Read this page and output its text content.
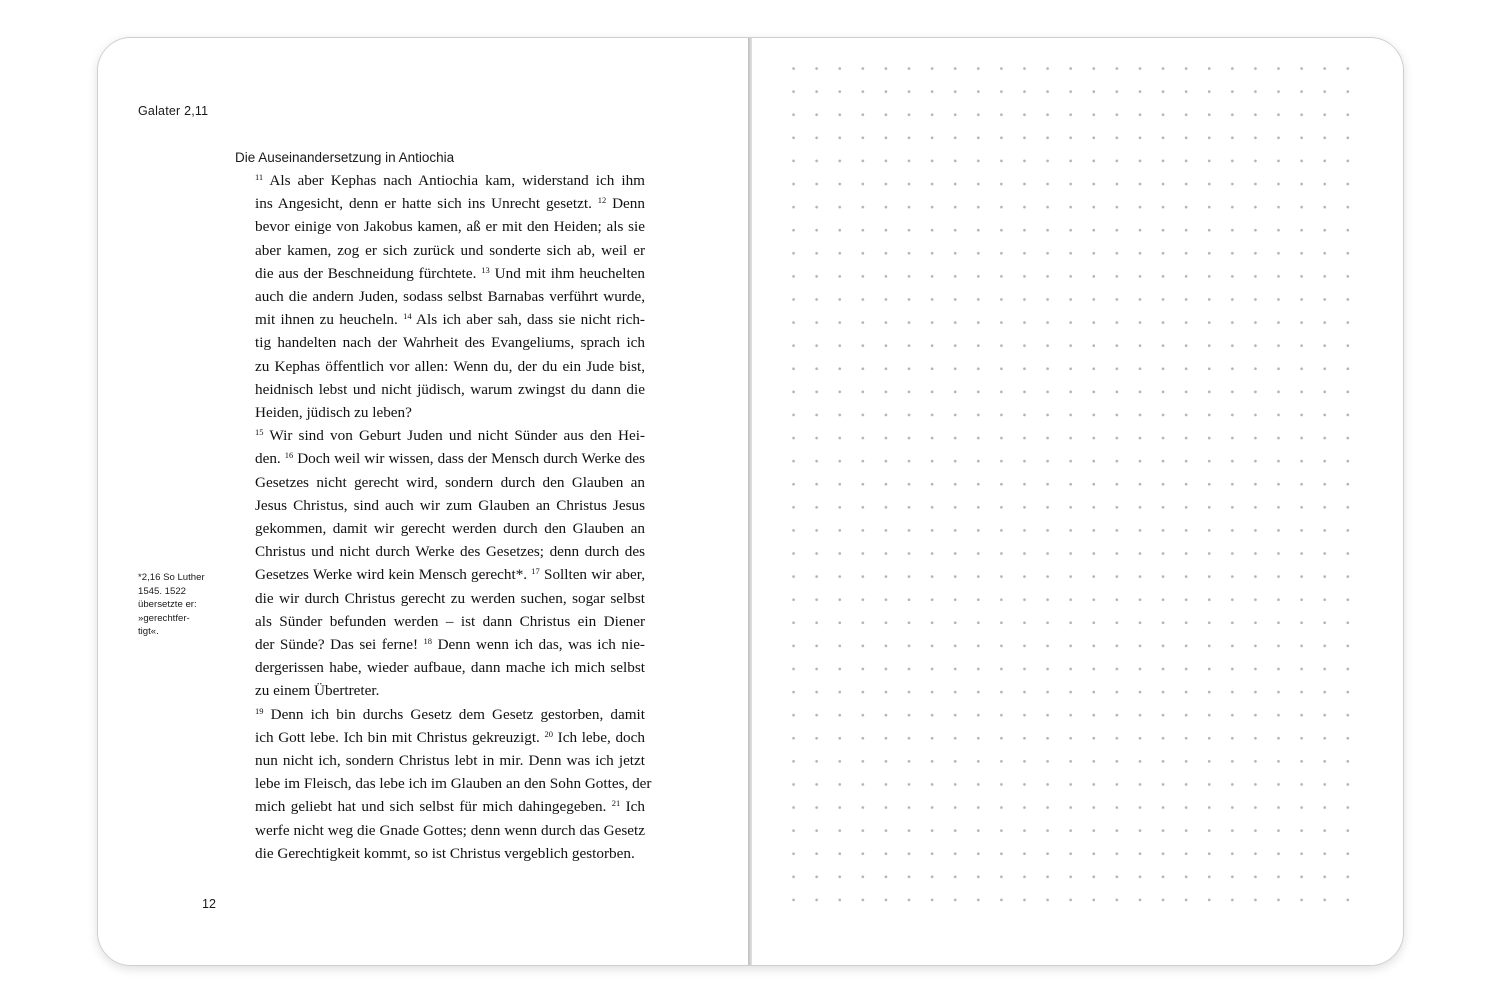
Galater 2,11
Die Auseinandersetzung in Antiochia

$^{11}$ Als aber Kephas nach Antiochia kam, widerstand ich ihm
ins Angesicht, denn er hatte sich ins Unrecht gesetzt. $^{12}$ Denn
bevor einige von Jakobus kamen, aß er mit den Heiden; als sie
aber kamen, zog er sich zurück und sonderte sich ab, weil er
die aus der Beschneidung fürchtete. $^{13}$ Und mit ihm heuchelten
auch die andern Juden, sodass selbst Barnabas verführt wurde,
mit ihnen zu heucheln. $^{14}$ Als ich aber sah, dass sie nicht rich-
tig handelten nach der Wahrheit des Evangeliums, sprach ich
zu Kephas öffentlich vor allen: Wenn du, der du ein Jude bist,
heidnisch lebst und nicht jüdisch, warum zwingst du dann die
Heiden, jüdisch zu leben?

$^{15}$ Wir sind von Geburt Juden und nicht Sünder aus den Hei-
den. $^{16}$ Doch weil wir wissen, dass der Mensch durch Werke des
Gesetzes nicht gerecht wird, sondern durch den Glauben an
Jesus Christus, sind auch wir zum Glauben an Christus Jesus
gekommen, damit wir gerecht werden durch den Glauben an
Christus und nicht durch Werke des Gesetzes; denn durch des
Gesetzes Werke wird kein Mensch gerecht*. $^{17}$ Sollten wir aber,
die wir durch Christus gerecht zu werden suchen, sogar selbst
als Sünder befunden werden – ist dann Christus ein Diener
der Sünde? Das sei ferne! $^{18}$ Denn wenn ich das, was ich nie-
dergerissen habe, wieder aufbaue, dann mache ich mich selbst
zu einem Übertreter.

$^{19}$ Denn ich bin durchs Gesetz dem Gesetz gestorben, damit
ich Gott lebe. Ich bin mit Christus gekreuzigt. $^{20}$ Ich lebe, doch
nun nicht ich, sondern Christus lebt in mir. Denn was ich jetzt
lebe im Fleisch, das lebe ich im Glauben an den Sohn Gottes, der
mich geliebt hat und sich selbst für mich dahingegeben. $^{21}$ Ich
werfe nicht weg die Gnade Gottes; denn wenn durch das Gesetz
die Gerechtigkeit kommt, so ist Christus vergeblich gestorben.

*2,16 So Luther
1545. 1522
übersetzte er:
»gerechtfer-
tigt«.
12
